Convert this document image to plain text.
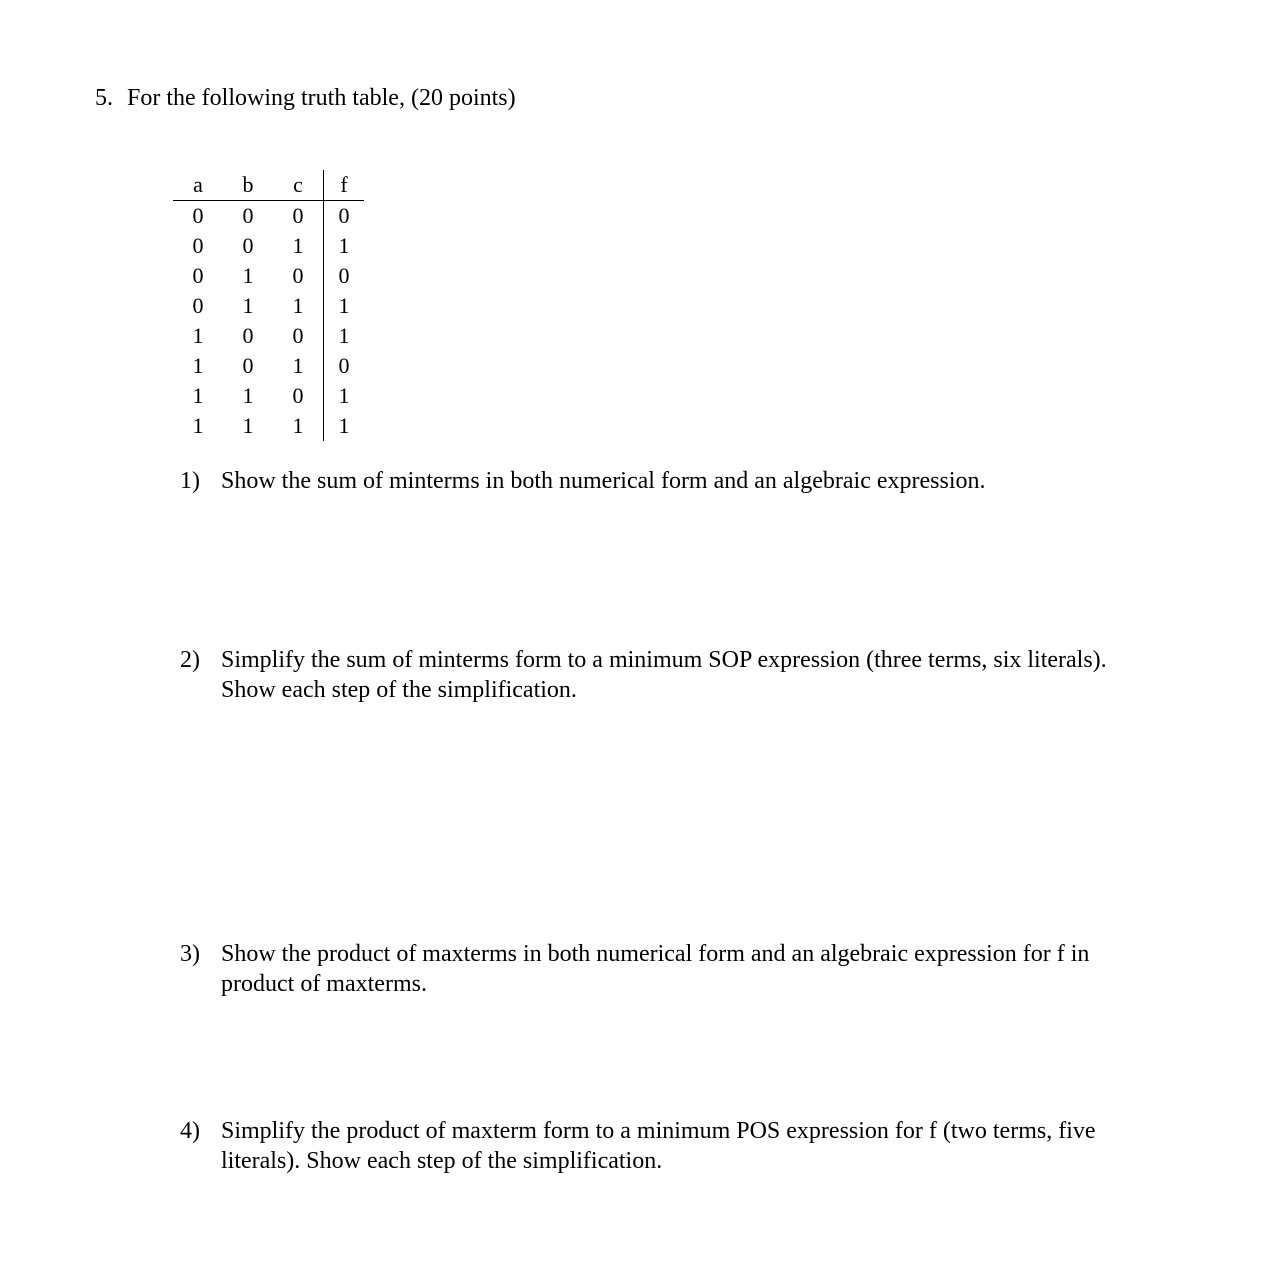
5. For the following truth table, (20 points)
a	b	c	f
0	0	0	0
0	0	1	1
0	1	0	0
0	1	1	1
1	0	0	1
1	0	1	0
1	1	0	1
1	1	1	1
1) Show the sum of minterms in both numerical form and an algebraic expression.
2) Simplify the sum of minterms form to a minimum SOP expression (three terms, six literals).
Show each step of the simplification.
3) Show the product of maxterms in both numerical form and an algebraic expression for f in
product of maxterms.
4) Simplify the product of maxterm form to a minimum POS expression for f (two terms, five
literals). Show each step of the simplification.
